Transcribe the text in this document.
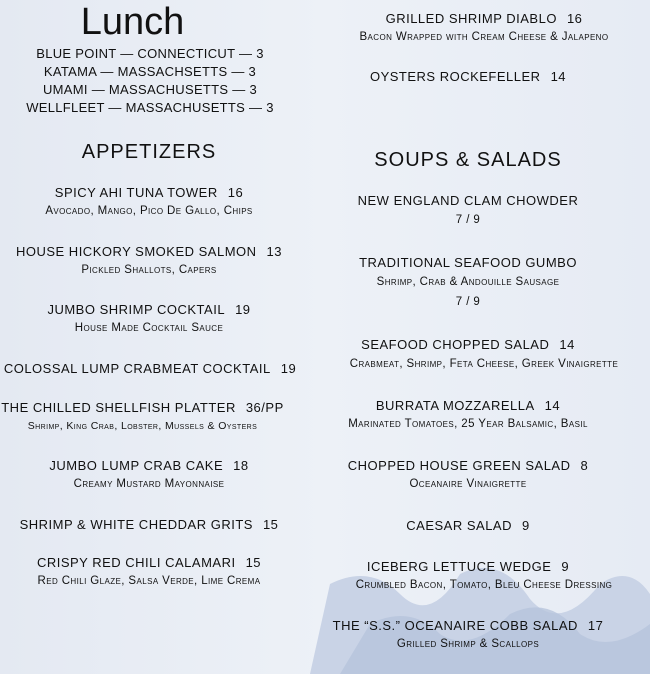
Lunch
BLUE POINT — CONNECTICUT — 3
KATAMA — MASSACHSETTS — 3
UMAMI — MASSACHUSETTS — 3
WELLFLEET — MASSACHUSETTS — 3
APPETIZERS
SPICY AHI TUNA TOWER 16
Avocado, Mango, Pico De Gallo, Chips
HOUSE HICKORY SMOKED SALMON 13
Pickled Shallots, Capers
JUMBO SHRIMP COCKTAIL 19
House Made Cocktail Sauce
COLOSSAL LUMP CRABMEAT COCKTAIL 19
THE CHILLED SHELLFISH PLATTER 36/PP
Shrimp, King Crab, Lobster, Mussels & Oysters
JUMBO LUMP CRAB CAKE 18
Creamy Mustard Mayonnaise
SHRIMP & WHITE CHEDDAR GRITS 15
CRISPY RED CHILI CALAMARI 15
Red Chili Glaze, Salsa Verde, Lime Crema
GRILLED SHRIMP DIABLO 16
Bacon Wrapped with Cream Cheese & Jalapeno
OYSTERS ROCKEFELLER 14
SOUPS & SALADS
NEW ENGLAND CLAM CHOWDER
7 / 9
TRADITIONAL SEAFOOD GUMBO
Shrimp, Crab & Andouille Sausage
7 / 9
SEAFOOD CHOPPED SALAD 14
Crabmeat, Shrimp, Feta Cheese, Greek Vinaigrette
BURRATA MOZZARELLA 14
Marinated Tomatoes, 25 Year Balsamic, Basil
CHOPPED HOUSE GREEN SALAD 8
Oceanaire Vinaigrette
CAESAR SALAD 9
ICEBERG LETTUCE WEDGE 9
Crumbled Bacon, Tomato, Bleu Cheese Dressing
THE “S.S.” OCEANAIRE COBB SALAD 17
Grilled Shrimp & Scallops
